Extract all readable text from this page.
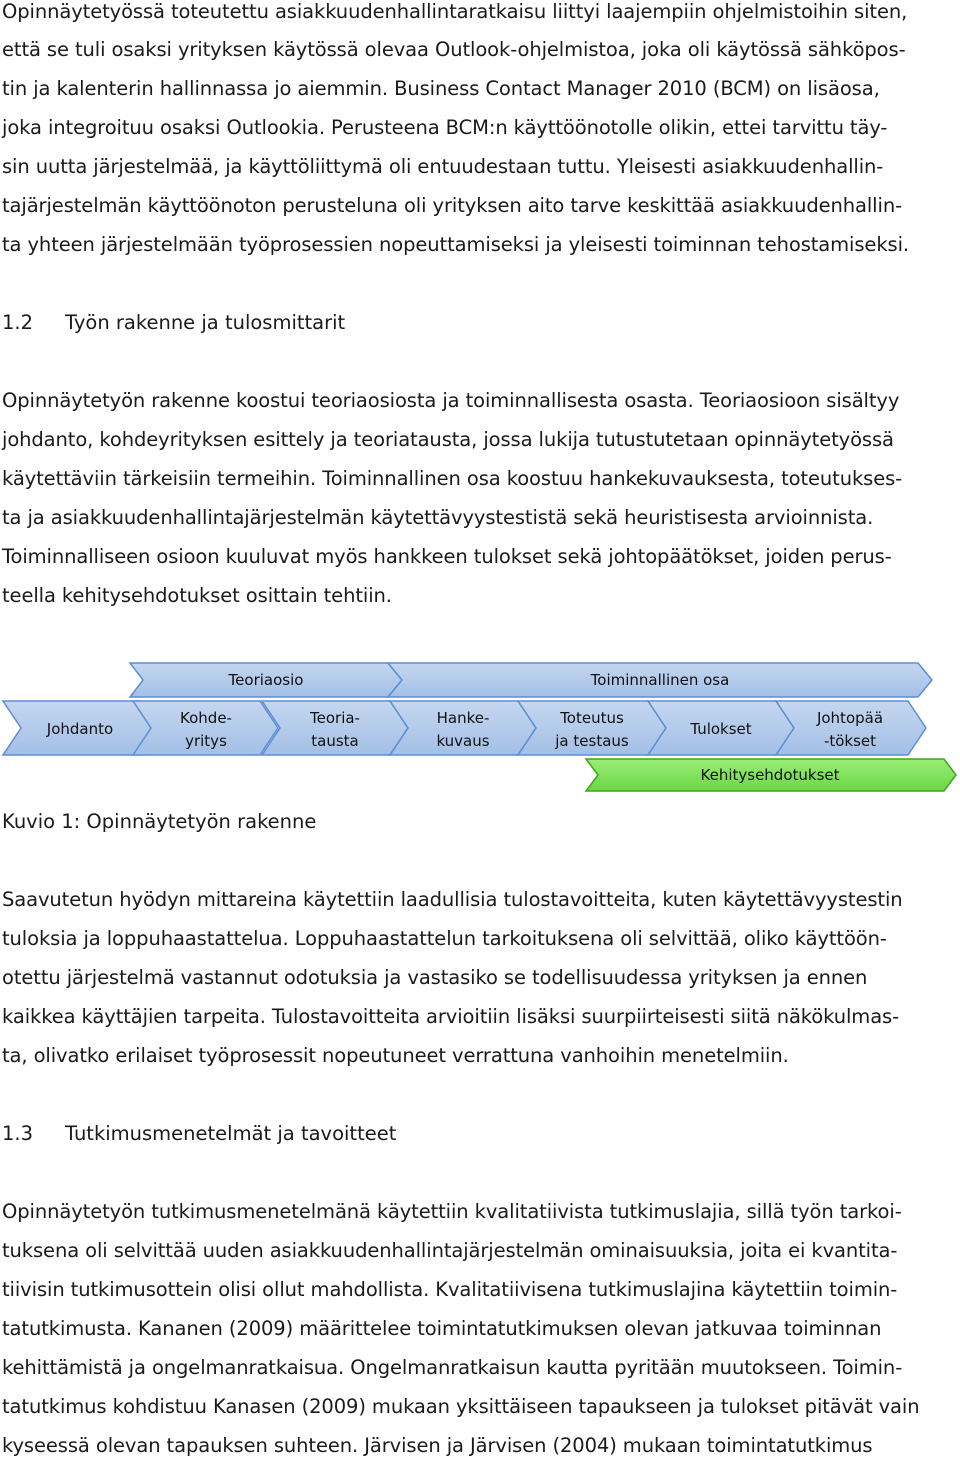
Opinnäytetyössä toteutettu asiakkuudenhallintaratkaisu liittyi laajempiin ohjelmistoihin siten,
että se tuli osaksi yrityksen käytössä olevaa Outlook-ohjelmistoa, joka oli käytössä sähköpos-
tin ja kalenterin hallinnassa jo aiemmin. Business Contact Manager 2010 (BCM) on lisäosa,
joka integroituu osaksi Outlookia. Perusteena BCM:n käyttöönotolle olikin, ettei tarvittu täy-
sin uutta järjestelmää, ja käyttöliittymä oli entuudestaan tuttu. Yleisesti asiakkuudenhallin-
tajärjestelmän käyttöönoton perusteluna oli yrityksen aito tarve keskittää asiakkuudenhallin-
ta yhteen järjestelmään työprosessien nopeuttamiseksi ja yleisesti toiminnan tehostamiseksi.
1.2 Työn rakenne ja tulosmittarit
Opinnäytetyön rakenne koostui teoriaosiosta ja toiminnallisesta osasta. Teoriaosioon sisältyy
johdanto, kohdeyrityksen esittely ja teoriatausta, jossa lukija tutustutetaan opinnäytetyössä
käytettäviin tärkeisiin termeihin. Toiminnallinen osa koostuu hankekuvauksesta, toteutukses-
ta ja asiakkuudenhallintajärjestelmän käytettävyystestistä sekä heuristisesta arvioinnista.
Toiminnalliseen osioon kuuluvat myös hankkeen tulokset sekä johtopäätökset, joiden perus-
teella kehitysehdotukset osittain tehtiin.
Teoriaosio	Toiminnallinen osa
Johdanto
Kohde-
yritys
Teoria-
tausta
Hanke-
kuvaus
Toteutus
ja testaus
Tulokset
Johtopää
-tökset
Kehitysehdotukset
Kuvio 1: Opinnäytetyön rakenne
Saavutetun hyödyn mittareina käytettiin laadullisia tulostavoitteita, kuten käytettävyystestin
tuloksia ja loppuhaastattelua. Loppuhaastattelun tarkoituksena oli selvittää, oliko käyttöön-
otettu järjestelmä vastannut odotuksia ja vastasiko se todellisuudessa yrityksen ja ennen
kaikkea käyttäjien tarpeita. Tulostavoitteita arvioitiin lisäksi suurpiirteisesti siitä näkökulmas-
ta, olivatko erilaiset työprosessit nopeutuneet verrattuna vanhoihin menetelmiin.
1.3 Tutkimusmenetelmät ja tavoitteet
Opinnäytetyön tutkimusmenetelmänä käytettiin kvalitatiivista tutkimuslajia, sillä työn tarkoi-
tuksena oli selvittää uuden asiakkuudenhallintajärjestelmän ominaisuuksia, joita ei kvantita-
tiivisin tutkimusottein olisi ollut mahdollista. Kvalitatiivisena tutkimuslajina käytettiin toimin-
tatutkimusta. Kananen (2009) määrittelee toimintatutkimuksen olevan jatkuvaa toiminnan
kehittämistä ja ongelmanratkaisua. Ongelmanratkaisun kautta pyritään muutokseen. Toimin-
tatutkimus kohdistuu Kanasen (2009) mukaan yksittäiseen tapaukseen ja tulokset pitävät vain
kyseessä olevan tapauksen suhteen. Järvisen ja Järvisen (2004) mukaan toimintatutkimus
